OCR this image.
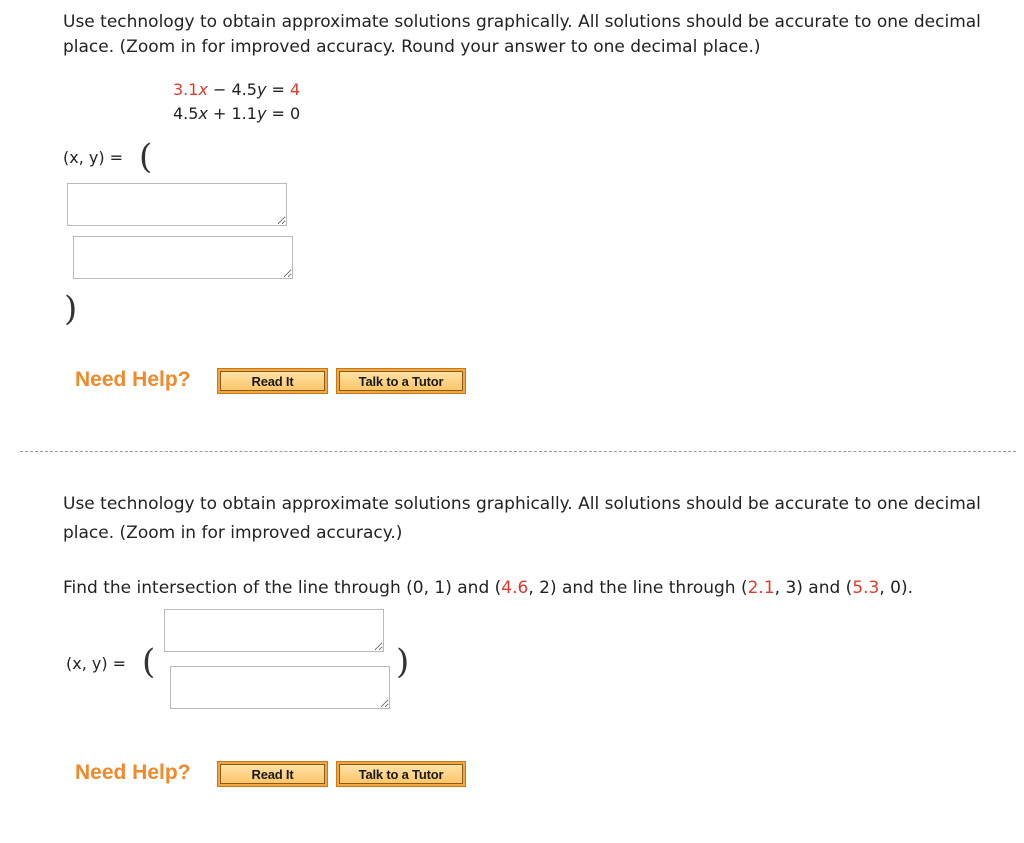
Use technology to obtain approximate solutions graphically. All solutions should be accurate to one decimal place. (Zoom in for improved accuracy. Round your answer to one decimal place.)
3.1x − 4.5y = 4
4.5x + 1.1y = 0
(x, y) = (
)
Need Help?	Read It	Talk to a Tutor
Use technology to obtain approximate solutions graphically. All solutions should be accurate to one decimal place. (Zoom in for improved accuracy.)
Find the intersection of the line through (0, 1) and (4.6, 2) and the line through (2.1, 3) and (5.3, 0).
(x, y) = (	)
Need Help?	Read It	Talk to a Tutor
